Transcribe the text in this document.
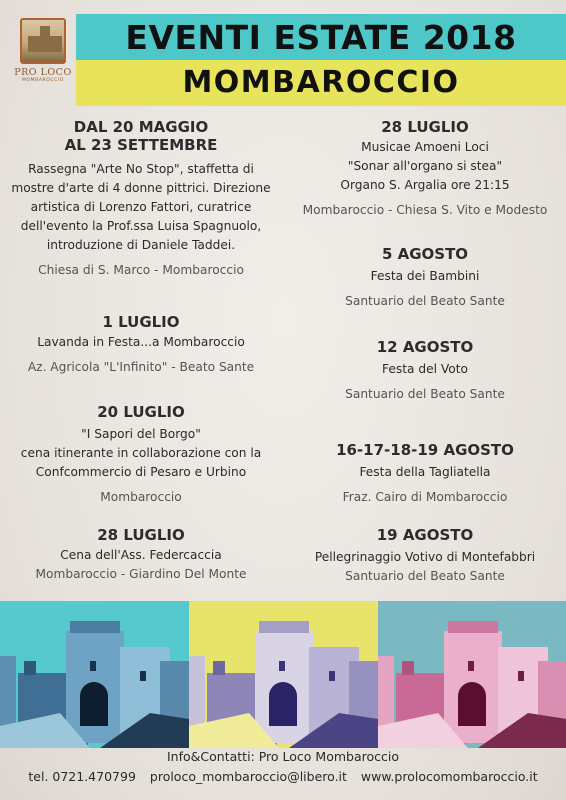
PRO LOCO
MOMBAROCCIO
EVENTI ESTATE 2018
MOMBAROCCIO
DAL 20 MAGGIO
AL 23 SETTEMBRE
Rassegna "Arte No Stop", staffetta di
mostre d'arte di 4 donne pittrici. Direzione
artistica di Lorenzo Fattori, curatrice
dell'evento la Prof.ssa Luisa Spagnuolo,
introduzione di Daniele Taddei.
Chiesa di S. Marco - Mombaroccio
1 LUGLIO
Lavanda in Festa...a Mombaroccio
Az. Agricola "L'Infinito" - Beato Sante
20 LUGLIO
"I Sapori del Borgo"
cena itinerante in collaborazione con la
Confcommercio di Pesaro e Urbino
Mombaroccio
28 LUGLIO
Cena dell'Ass. Federcaccia
Mombaroccio - Giardino Del Monte
28 LUGLIO
Musicae Amoeni Loci
"Sonar all'organo si stea"
Organo S. Argalia ore 21:15
Mombaroccio - Chiesa S. Vito e Modesto
5 AGOSTO
Festa dei Bambini
Santuario del Beato Sante
12 AGOSTO
Festa del Voto
Santuario del Beato Sante
16-17-18-19 AGOSTO
Festa della Tagliatella
Fraz. Cairo di Mombaroccio
19 AGOSTO
Pellegrinaggio Votivo di Montefabbri
Santuario del Beato Sante
Info&Contatti: Pro Loco Mombaroccio
tel. 0721.470799 proloco_mombaroccio@libero.it www.prolocomombaroccio.it
